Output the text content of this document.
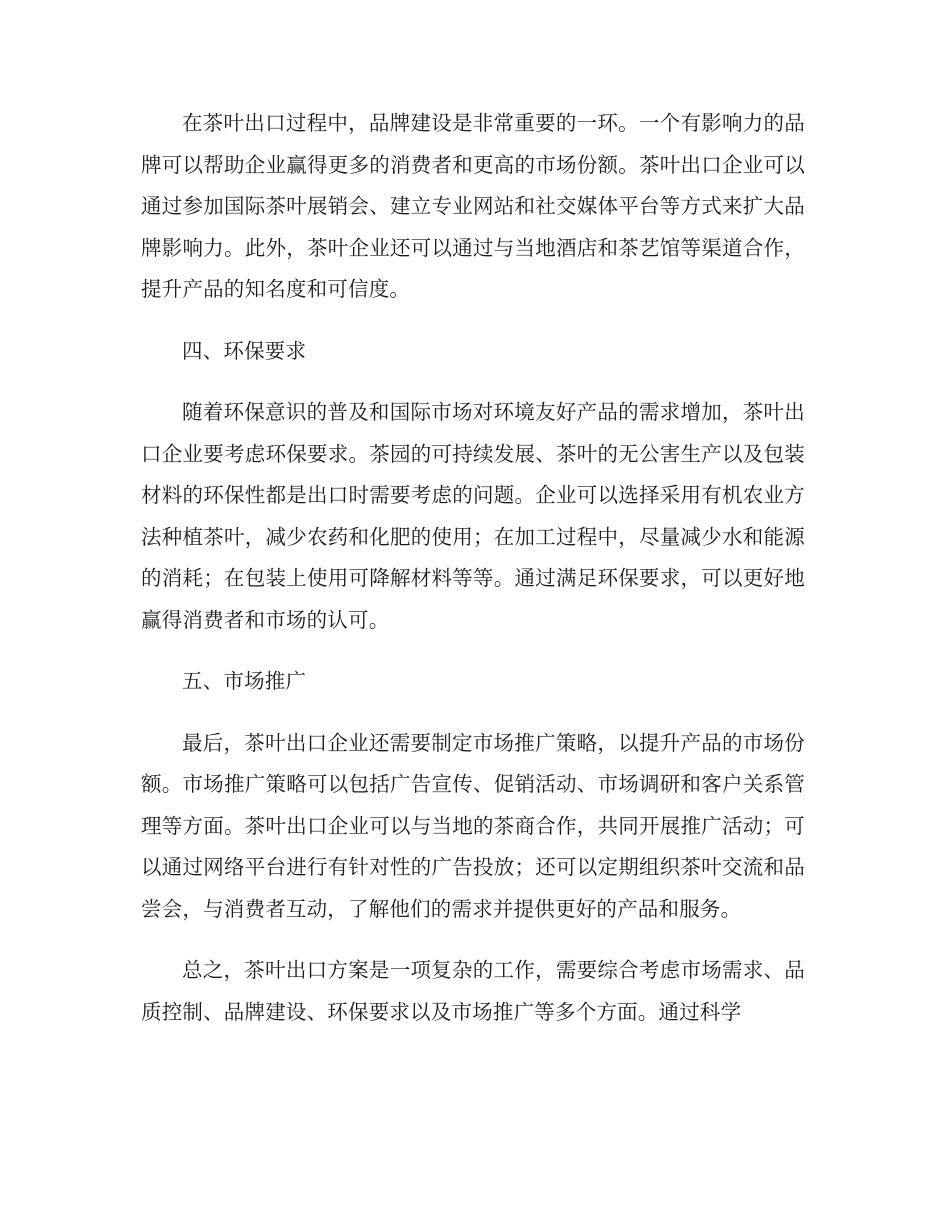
在茶叶出口过程中，品牌建设是非常重要的一环。一个有影响力的品牌可以帮助企业赢得更多的消费者和更高的市场份额。茶叶出口企业可以通过参加国际茶叶展销会、建立专业网站和社交媒体平台等方式来扩大品牌影响力。此外，茶叶企业还可以通过与当地酒店和茶艺馆等渠道合作，提升产品的知名度和可信度。

四、环保要求

随着环保意识的普及和国际市场对环境友好产品的需求增加，茶叶出口企业要考虑环保要求。茶园的可持续发展、茶叶的无公害生产以及包装材料的环保性都是出口时需要考虑的问题。企业可以选择采用有机农业方法种植茶叶，减少农药和化肥的使用；在加工过程中，尽量减少水和能源的消耗；在包装上使用可降解材料等等。通过满足环保要求，可以更好地赢得消费者和市场的认可。

五、市场推广

最后，茶叶出口企业还需要制定市场推广策略，以提升产品的市场份额。市场推广策略可以包括广告宣传、促销活动、市场调研和客户关系管理等方面。茶叶出口企业可以与当地的茶商合作，共同开展推广活动；可以通过网络平台进行有针对性的广告投放；还可以定期组织茶叶交流和品尝会，与消费者互动，了解他们的需求并提供更好的产品和服务。

总之，茶叶出口方案是一项复杂的工作，需要综合考虑市场需求、品质控制、品牌建设、环保要求以及市场推广等多个方面。通过科学
